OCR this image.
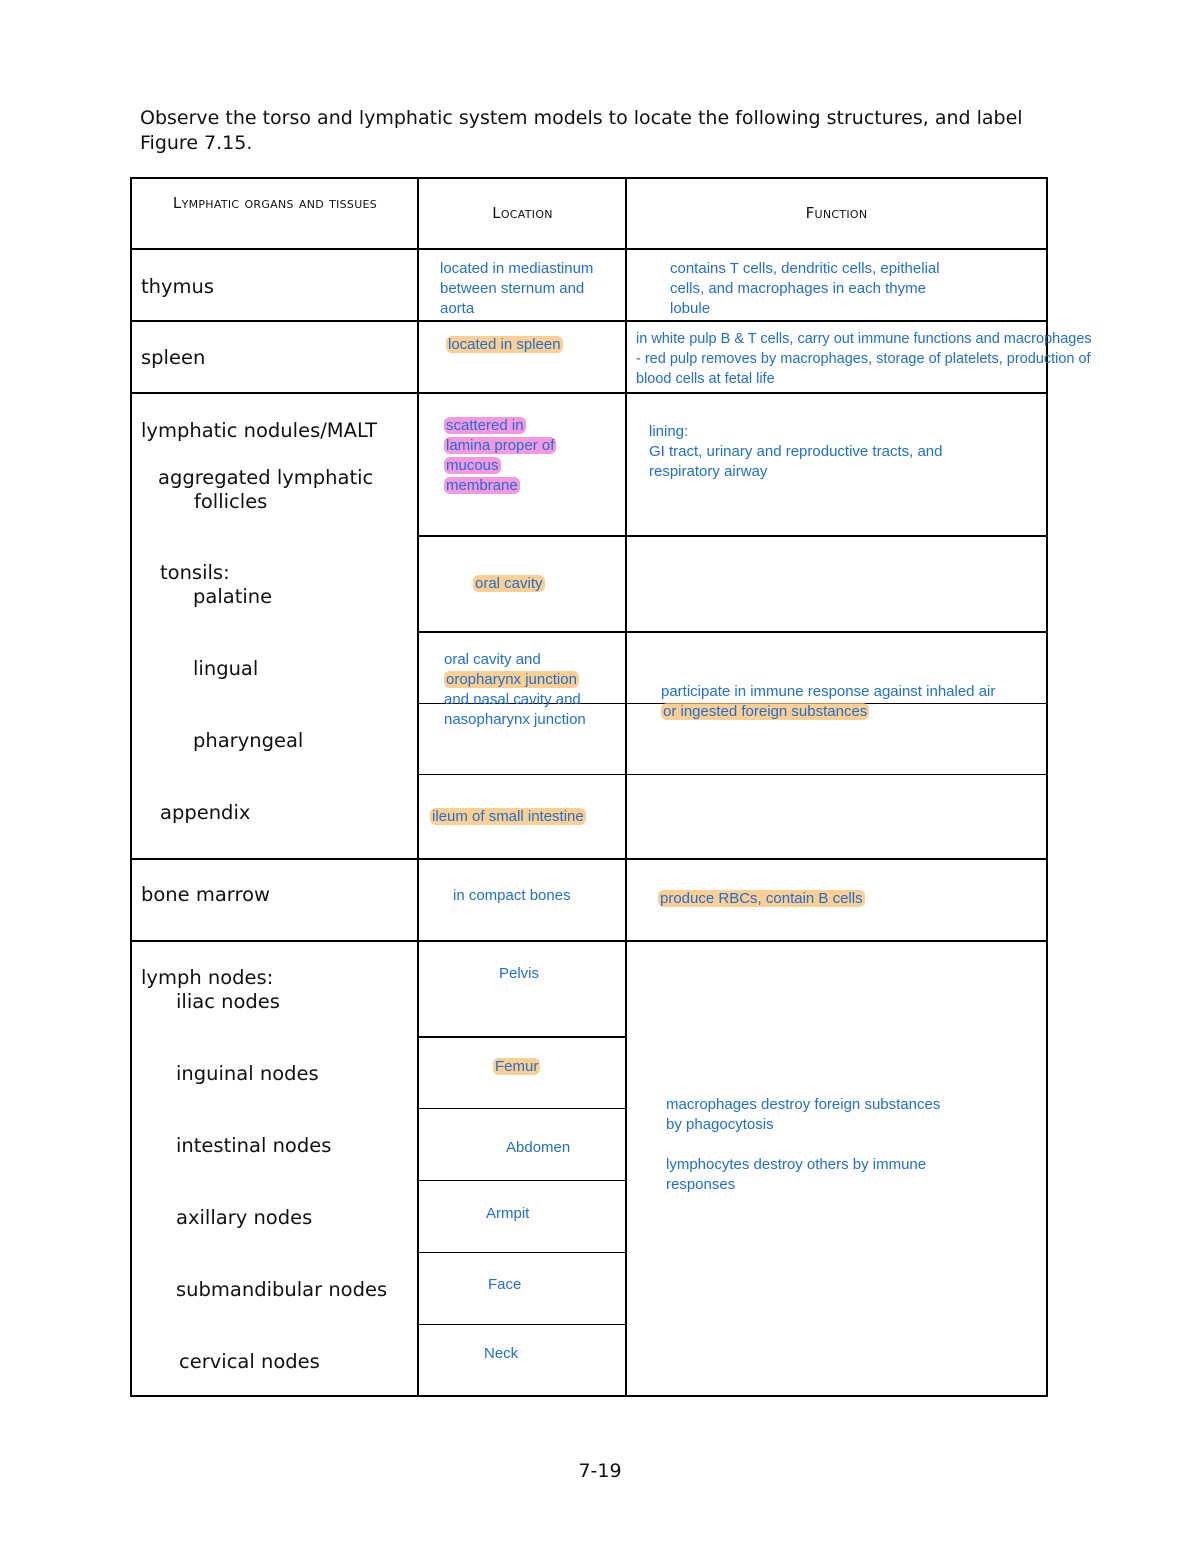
Observe the torso and lymphatic system models to locate the following structures, and label Figure 7.15.
Lymphatic organs and tissues
Location	Function
thymus
spleen
lymphatic nodules/MALT
aggregated lymphatic
follicles
tonsils:
palatine
lingual
pharyngeal
appendix
bone marrow
lymph nodes:
iliac nodes
inguinal nodes
intestinal nodes
axillary nodes
submandibular nodes
cervical nodes
located in mediastinum
between sternum and
aorta
located in spleen
scattered in
lamina proper of
mucous
membrane
oral cavity
oral cavity and
oropharynx junction
and nasal cavity and
nasopharynx junction
ileum of small intestine
in compact bones
Pelvis
Femur
Abdomen
Armpit
Face
Neck
contains T cells, dendritic cells, epithelial
cells, and macrophages in each thyme
lobule
in white pulp B & T cells, carry out immune functions and macrophages
- red pulp removes by macrophages, storage of platelets, production of
blood cells at fetal life
lining:
GI tract, urinary and reproductive tracts, and
respiratory airway
participate in immune response against inhaled air
or ingested foreign substances
produce RBCs, contain B cells
macrophages destroy foreign substances
by phagocytosis
lymphocytes destroy others by immune
responses
7-19
